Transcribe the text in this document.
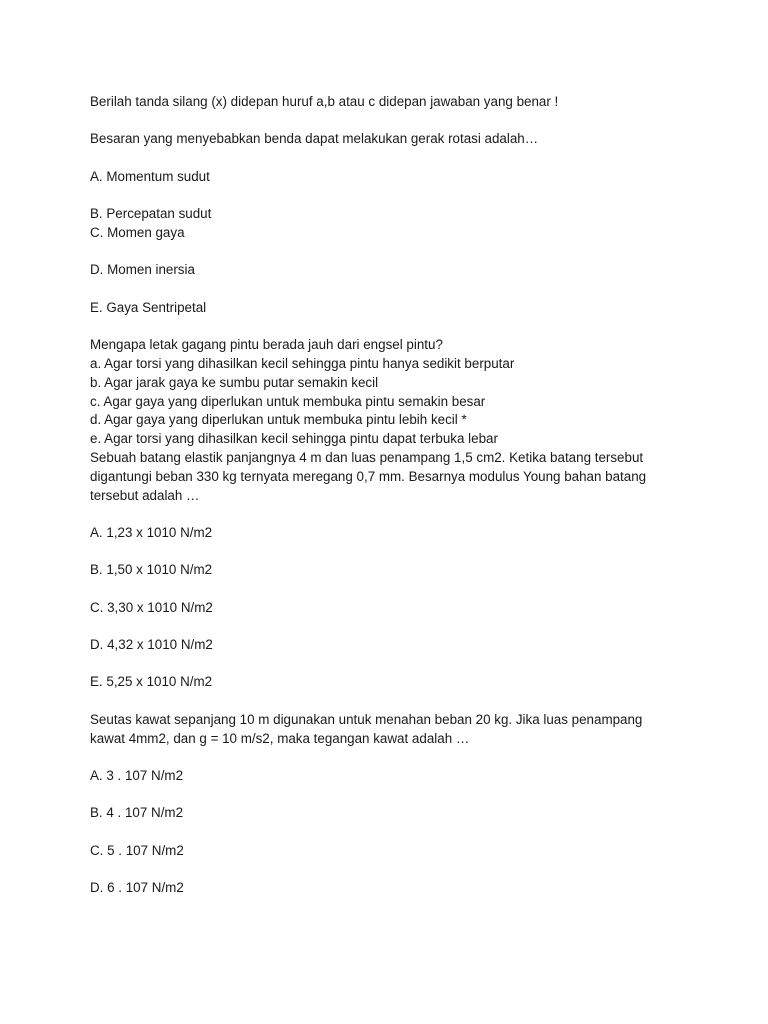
Berilah tanda silang (x) didepan huruf a,b atau c didepan jawaban yang benar !
Besaran yang menyebabkan benda dapat melakukan gerak rotasi adalah…
A. Momentum sudut
B. Percepatan sudut
C. Momen gaya
D. Momen inersia
E. Gaya Sentripetal
Mengapa letak gagang pintu berada jauh dari engsel pintu?
a. Agar torsi yang dihasilkan kecil sehingga pintu hanya sedikit berputar
b. Agar jarak gaya ke sumbu putar semakin kecil
c. Agar gaya yang diperlukan untuk membuka pintu semakin besar
d. Agar gaya yang diperlukan untuk membuka pintu lebih kecil *
e. Agar torsi yang dihasilkan kecil sehingga pintu dapat terbuka lebar
Sebuah batang elastik panjangnya 4 m dan luas penampang 1,5 cm2. Ketika batang tersebut
digantungi beban 330 kg ternyata meregang 0,7 mm. Besarnya modulus Young bahan batang
tersebut adalah …
A. 1,23 x 1010 N/m2
B. 1,50 x 1010 N/m2
C. 3,30 x 1010 N/m2
D. 4,32 x 1010 N/m2
E. 5,25 x 1010 N/m2
Seutas kawat sepanjang 10 m digunakan untuk menahan beban 20 kg. Jika luas penampang
kawat 4mm2, dan g = 10 m/s2, maka tegangan kawat adalah …
A. 3 . 107 N/m2
B. 4 . 107 N/m2
C. 5 . 107 N/m2
D. 6 . 107 N/m2
